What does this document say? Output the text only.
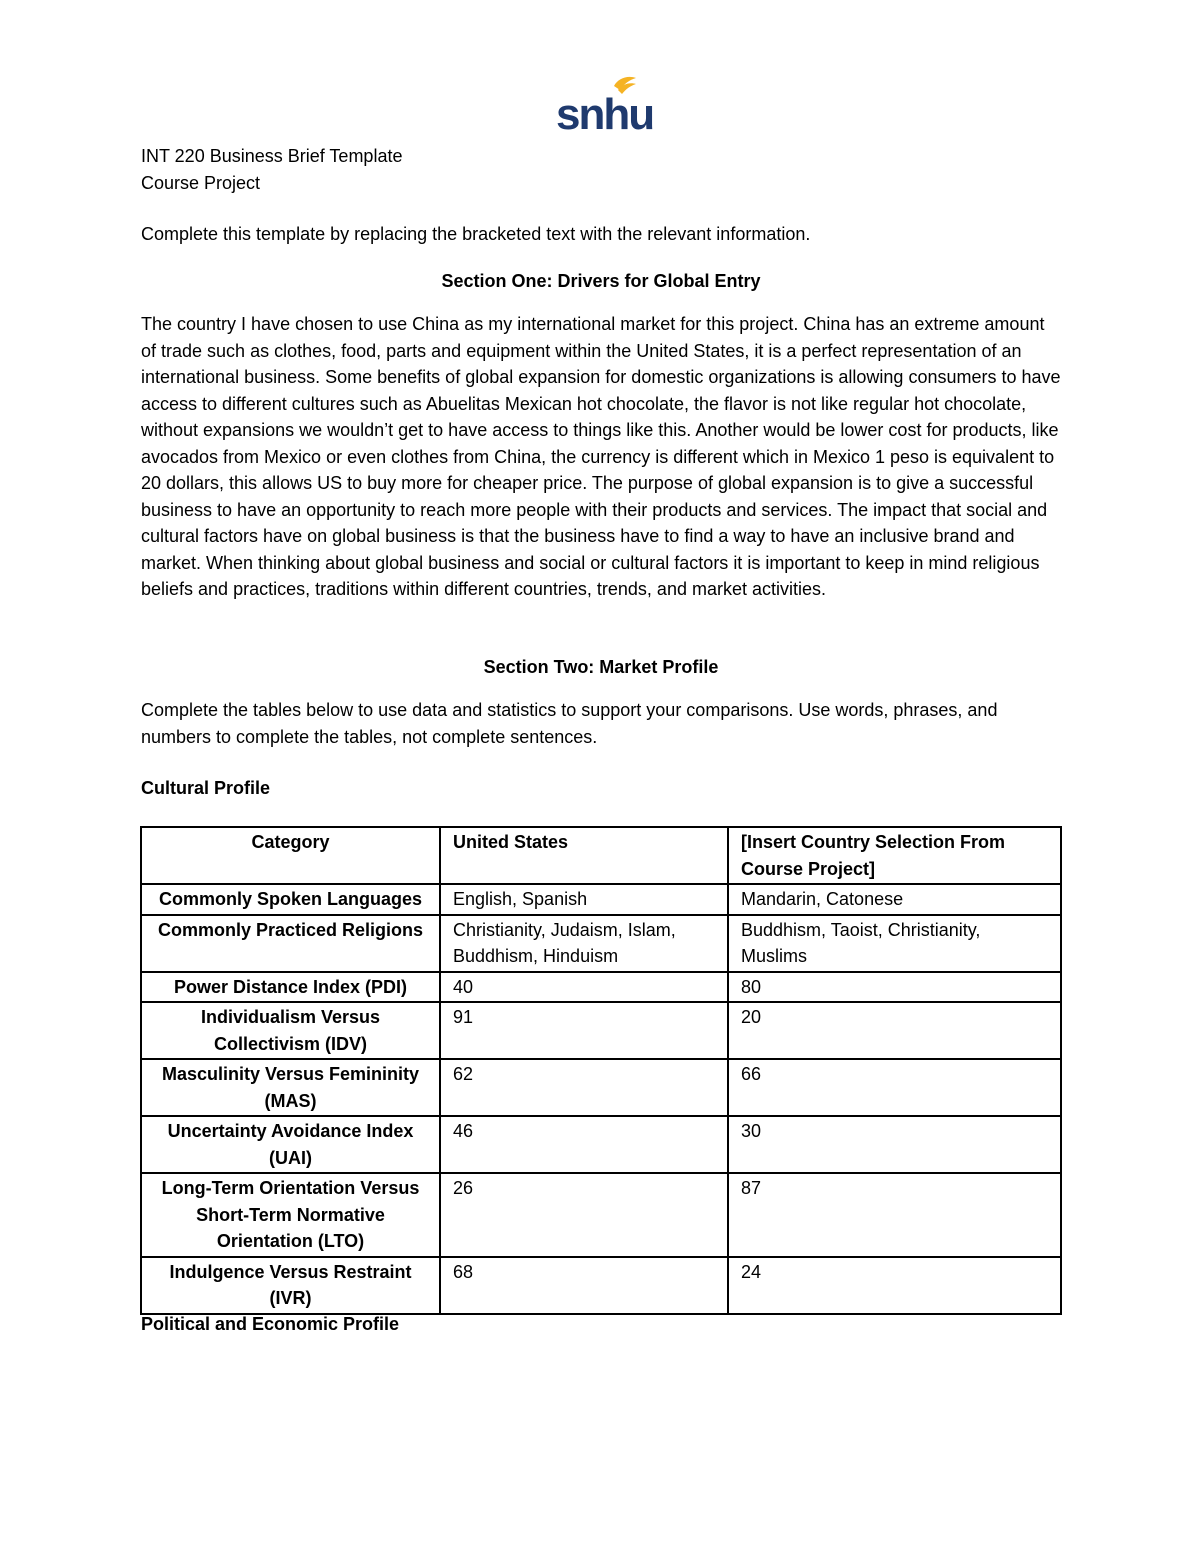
snhu

INT 220 Business Brief Template

Course Project

Complete this template by replacing the bracketed text with the relevant information.

Section One: Drivers for Global Entry

The country I have chosen to use China as my international market for this project. China has an extreme amount of trade such as clothes, food, parts and equipment within the United States, it is a perfect representation of an international business. Some benefits of global expansion for domestic organizations is allowing consumers to have access to different cultures such as Abuelitas Mexican hot chocolate, the flavor is not like regular hot chocolate, without expansions we wouldn’t get to have access to things like this. Another would be lower cost for products, like avocados from Mexico or even clothes from China, the currency is different which in Mexico 1 peso is equivalent to 20 dollars, this allows US to buy more for cheaper price. The purpose of global expansion is to give a successful business to have an opportunity to reach more people with their products and services. The impact that social and cultural factors have on global business is that the business have to find a way to have an inclusive brand and market. When thinking about global business and social or cultural factors it is important to keep in mind religious beliefs and practices, traditions within different countries, trends, and market activities.

Section Two: Market Profile

Complete the tables below to use data and statistics to support your comparisons. Use words, phrases, and numbers to complete the tables, not complete sentences.

Cultural Profile

Category	United States	[Insert Country Selection From Course Project]
Commonly Spoken Languages	English, Spanish	Mandarin, Catonese
Commonly Practiced Religions	Christianity, Judaism, Islam, Buddhism, Hinduism	Buddhism, Taoist, Christianity, Muslims
Power Distance Index (PDI)	40	80
Individualism Versus Collectivism (IDV)	91	20
Masculinity Versus Femininity (MAS)	62	66
Uncertainty Avoidance Index (UAI)	46	30
Long-Term Orientation Versus Short-Term Normative Orientation (LTO)	26	87
Indulgence Versus Restraint (IVR)	68	24

Political and Economic Profile
